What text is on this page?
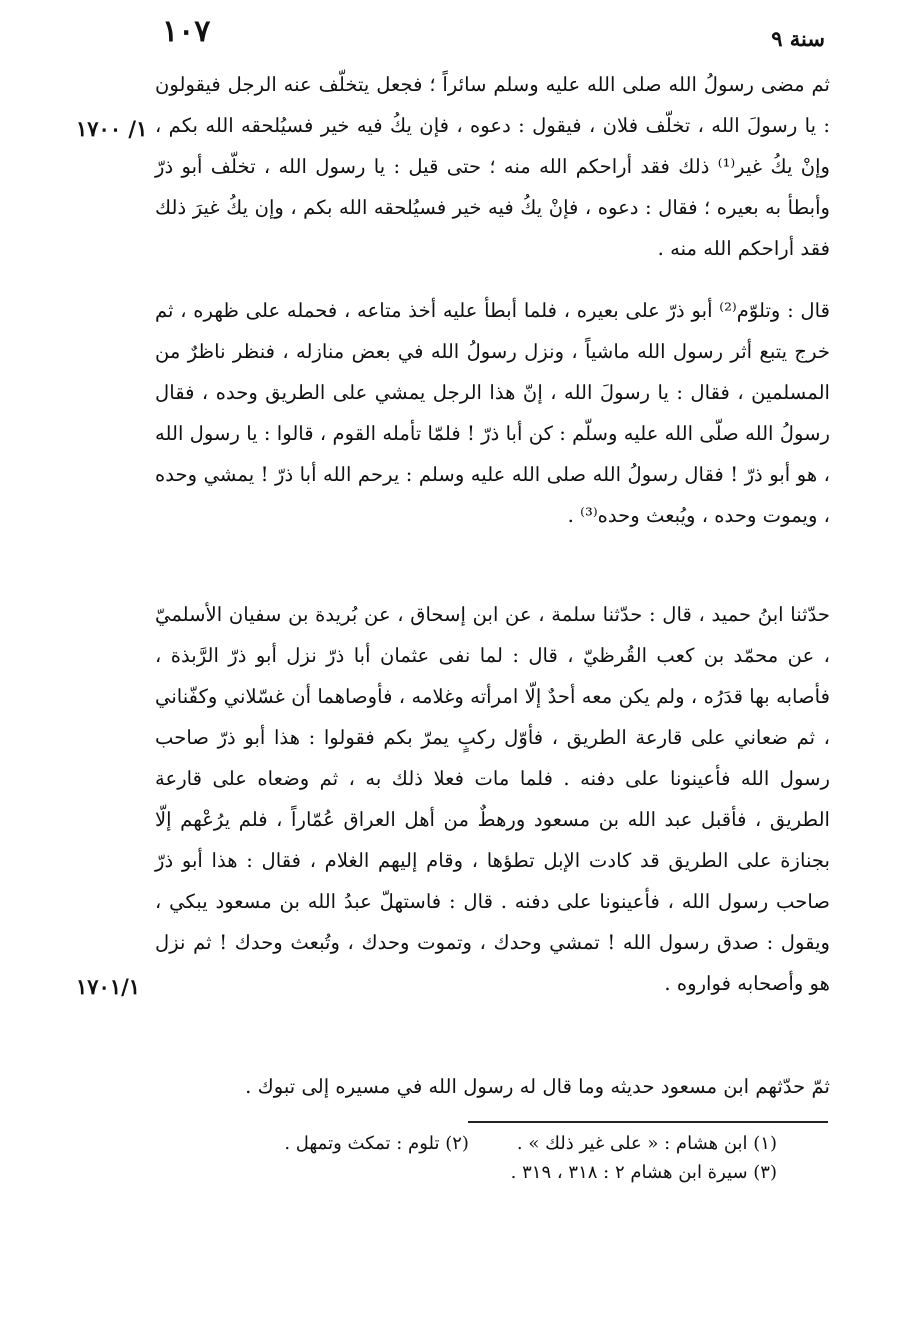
١٠٧	سنة ٩
١/ ١٧٠٠
١٧٠١/١

ثم مضى رسولُ الله صلى الله عليه وسلم سائراً ؛ فجعل يتخلّف عنه الرجل فيقولون : يا رسولَ الله ، تخلّف فلان ، فيقول : دعوه ، فإن يكُ فيه خير فسيُلحقه الله بكم ، وإنْ يكُ غير⁽¹⁾ ذلك فقد أراحكم الله منه ؛ حتى قيل : يا رسول الله ، تخلّف أبو ذرّ وأبطأ به بعيره ؛ فقال : دعوه ، فإنْ يكُ فيه خير فسيُلحقه الله بكم ، وإن يكُ غيرَ ذلك فقد أراحكم الله منه .

قال : وتلوّم⁽²⁾ أبو ذرّ على بعيره ، فلما أبطأ عليه أخذ متاعه ، فحمله على ظهره ، ثم خرج يتبع أثر رسول الله ماشياً ، ونزل رسولُ الله في بعض منازله ، فنظر ناظرٌ من المسلمين ، فقال : يا رسولَ الله ، إنّ هذا الرجل يمشي على الطريق وحده ، فقال رسولُ الله صلّى الله عليه وسلّم : كن أبا ذرّ ! فلمّا تأمله القوم ، قالوا : يا رسول الله ، هو أبو ذرّ ! فقال رسولُ الله صلى الله عليه وسلم : يرحم الله أبا ذرّ ! يمشي وحده ، ويموت وحده ، ويُبعث وحده⁽³⁾ .

حدّثنا ابنُ حميد ، قال : حدّثنا سلمة ، عن ابن إسحاق ، عن بُريدة بن سفيان الأسلميّ ، عن محمّد بن كعب القُرظيّ ، قال : لما نفى عثمان أبا ذرّ نزل أبو ذرّ الرَّبذة ، فأصابه بها قدَرُه ، ولم يكن معه أحدٌ إلّا امرأته وغلامه ، فأوصاهما أن غسّلاني وكفّناني ، ثم ضعاني على قارعة الطريق ، فأوّل ركبٍ يمرّ بكم فقولوا : هذا أبو ذرّ صاحب رسول الله فأعينونا على دفنه . فلما مات فعلا ذلك به ، ثم وضعاه على قارعة الطريق ، فأقبل عبد الله بن مسعود ورهطٌ من أهل العراق عُمّاراً ، فلم يرُعْهم إلّا بجنازة على الطريق قد كادت الإبل تطؤها ، وقام إليهم الغلام ، فقال : هذا أبو ذرّ صاحب رسول الله ، فأعينونا على دفنه . قال : فاستهلّ عبدُ الله بن مسعود يبكي ، ويقول : صدق رسول الله ! تمشي وحدك ، وتموت وحدك ، وتُبعث وحدك ! ثم نزل هو وأصحابه فواروه .

ثمّ حدّثهم ابن مسعود حديثه وما قال له رسول الله في مسيره إلى تبوك .

(١) ابن هشام : « على غير ذلك » .(٢) تلوم : تمكث وتمهل .
(٣) سيرة ابن هشام ٢ : ٣١٨ ، ٣١٩ .
